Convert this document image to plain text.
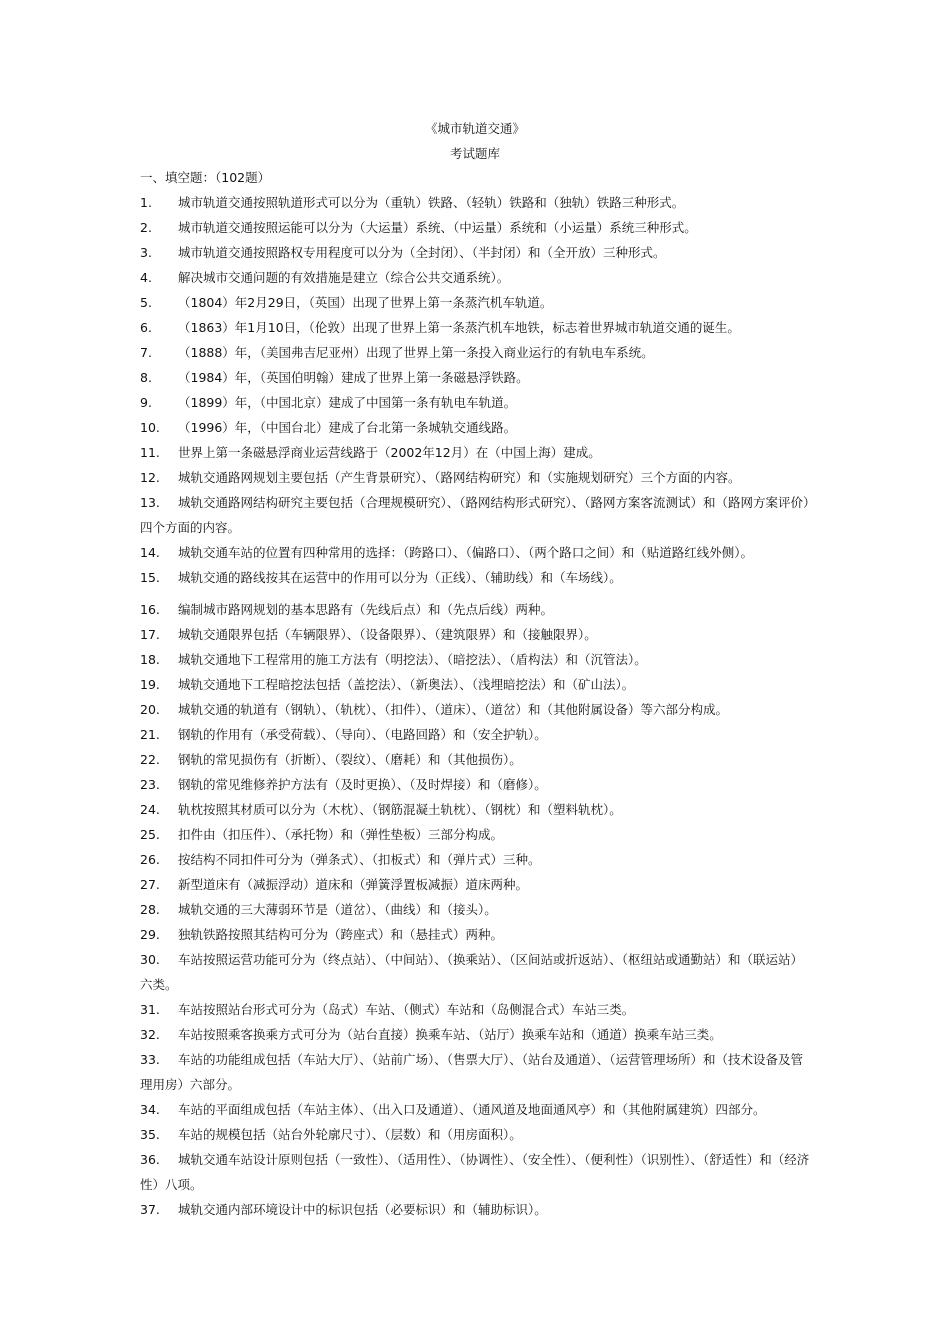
《城市轨道交通》
考试题库
一、填空题：（102题）
1. 城市轨道交通按照轨道形式可以分为（重轨）铁路、（轻轨）铁路和（独轨）铁路三种形式。
2. 城市轨道交通按照运能可以分为（大运量）系统、（中运量）系统和（小运量）系统三种形式。
3. 城市轨道交通按照路权专用程度可以分为（全封闭）、（半封闭）和（全开放）三种形式。
4. 解决城市交通问题的有效措施是建立（综合公共交通系统）。
5. （1804）年2月29日，（英国）出现了世界上第一条蒸汽机车轨道。
6. （1863）年1月10日，（伦敦）出现了世界上第一条蒸汽机车地铁，标志着世界城市轨道交通的诞生。
7. （1888）年，（美国弗吉尼亚州）出现了世界上第一条投入商业运行的有轨电车系统。
8. （1984）年，（英国伯明翰）建成了世界上第一条磁悬浮铁路。
9. （1899）年，（中国北京）建成了中国第一条有轨电车轨道。
10. （1996）年，（中国台北）建成了台北第一条城轨交通线路。
11. 世界上第一条磁悬浮商业运营线路于（2002年12月）在（中国上海）建成。
12. 城轨交通路网规划主要包括（产生背景研究）、（路网结构研究）和（实施规划研究）三个方面的内容。
13. 城轨交通路网结构研究主要包括（合理规模研究）、（路网结构形式研究）、（路网方案客流测试）和（路网方案评价）四个方面的内容。
14. 城轨交通车站的位置有四种常用的选择：（跨路口）、（偏路口）、（两个路口之间）和（贴道路红线外侧）。
15. 城轨交通的路线按其在运营中的作用可以分为（正线）、（辅助线）和（车场线）。
16. 编制城市路网规划的基本思路有（先线后点）和（先点后线）两种。
17. 城轨交通限界包括（车辆限界）、（设备限界）、（建筑限界）和（接触限界）。
18. 城轨交通地下工程常用的施工方法有（明挖法）、（暗挖法）、（盾构法）和（沉管法）。
19. 城轨交通地下工程暗挖法包括（盖挖法）、（新奥法）、（浅埋暗挖法）和（矿山法）。
20. 城轨交通的轨道有（钢轨）、（轨枕）、（扣件）、（道床）、（道岔）和（其他附属设备）等六部分构成。
21. 钢轨的作用有（承受荷载）、（导向）、（电路回路）和（安全护轨）。
22. 钢轨的常见损伤有（折断）、（裂纹）、（磨耗）和（其他损伤）。
23. 钢轨的常见维修养护方法有（及时更换）、（及时焊接）和（磨修）。
24. 轨枕按照其材质可以分为（木枕）、（钢筋混凝土轨枕）、（钢枕）和（塑料轨枕）。
25. 扣件由（扣压件）、（承托物）和（弹性垫板）三部分构成。
26. 按结构不同扣件可分为（弹条式）、（扣板式）和（弹片式）三种。
27. 新型道床有（减振浮动）道床和（弹簧浮置板减振）道床两种。
28. 城轨交通的三大薄弱环节是（道岔）、（曲线）和（接头）。
29. 独轨铁路按照其结构可分为（跨座式）和（悬挂式）两种。
30. 车站按照运营功能可分为（终点站）、（中间站）、（换乘站）、（区间站或折返站）、（枢纽站或通勤站）和（联运站）六类。
31. 车站按照站台形式可分为（岛式）车站、（侧式）车站和（岛侧混合式）车站三类。
32. 车站按照乘客换乘方式可分为（站台直接）换乘车站、（站厅）换乘车站和（通道）换乘车站三类。
33. 车站的功能组成包括（车站大厅）、（站前广场）、（售票大厅）、（站台及通道）、（运营管理场所）和（技术设备及管理用房）六部分。
34. 车站的平面组成包括（车站主体）、（出入口及通道）、（通风道及地面通风亭）和（其他附属建筑）四部分。
35. 车站的规模包括（站台外轮廓尺寸）、（层数）和（用房面积）。
36. 城轨交通车站设计原则包括（一致性）、（适用性）、（协调性）、（安全性）、（便利性）（识别性）、（舒适性）和（经济性）八项。
37. 城轨交通内部环境设计中的标识包括（必要标识）和（辅助标识）。
